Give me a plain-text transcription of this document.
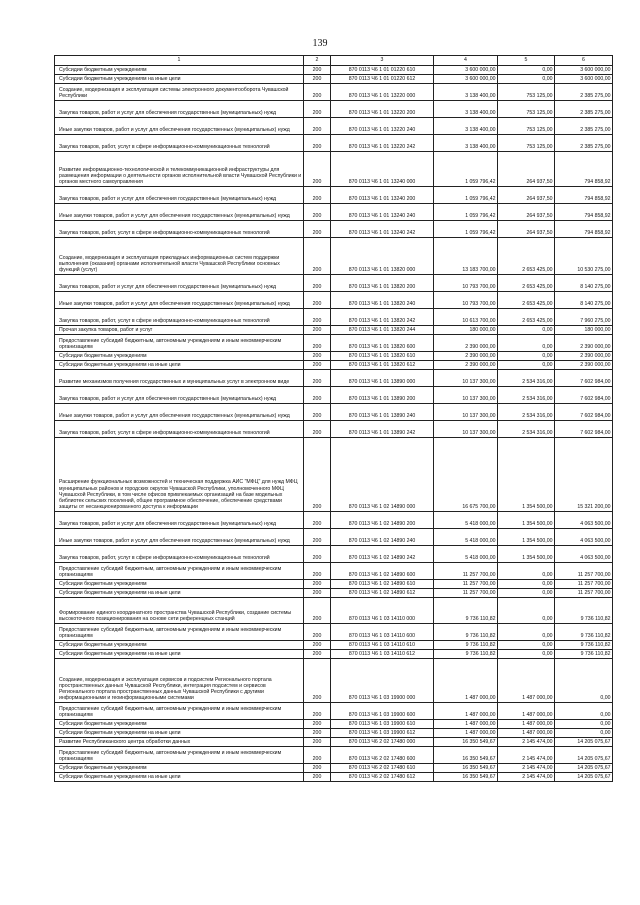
139
1	2	3	4	5	6
Субсидии бюджетным учреждениям	200	870 0113 Ч6 1 01 01220 610	3 600 000,00	0,00	3 600 000,00
Субсидии бюджетным учреждениям на иные цели	200	870 0113 Ч6 1 01 01220 612	3 600 000,00	0,00	3 600 000,00
Создание, модернизация и эксплуатация системы электронного документооборота Чувашской Республики	200	870 0113 Ч6 1 01 13220 000	3 138 400,00	753 125,00	2 385 275,00
Закупка товаров, работ и услуг для обеспечения государственных (муниципальных) нужд	200	870 0113 Ч6 1 01 13220 200	3 138 400,00	753 125,00	2 385 275,00
Иные закупки товаров, работ и услуг для обеспечения государственных (муниципальных) нужд	200	870 0113 Ч6 1 01 13220 240	3 138 400,00	753 125,00	2 385 275,00
Закупка товаров, работ, услуг в сфере информационно-коммуникационных технологий	200	870 0113 Ч6 1 01 13220 242	3 138 400,00	753 125,00	2 385 275,00
Развитие информационно-технологической и телекоммуникационной инфраструктуры для размещения информации о деятельности органов исполнительной власти Чувашской Республики и органов местного самоуправления	200	870 0113 Ч6 1 01 13240 000	1 059 796,42	264 937,50	794 858,92
Закупка товаров, работ и услуг для обеспечения государственных (муниципальных) нужд	200	870 0113 Ч6 1 01 13240 200	1 059 796,42	264 937,50	794 858,92
Иные закупки товаров, работ и услуг для обеспечения государственных (муниципальных) нужд	200	870 0113 Ч6 1 01 13240 240	1 059 796,42	264 937,50	794 858,92
Закупка товаров, работ, услуг в сфере информационно-коммуникационных технологий	200	870 0113 Ч6 1 01 13240 242	1 059 796,42	264 937,50	794 858,92
Создание, модернизация и эксплуатация прикладных информационных систем поддержки выполнения (оказания) органами исполнительной власти Чувашской Республики основных функций (услуг)	200	870 0113 Ч6 1 01 13820 000	13 183 700,00	2 653 425,00	10 530 275,00
Закупка товаров, работ и услуг для обеспечения государственных (муниципальных) нужд	200	870 0113 Ч6 1 01 13820 200	10 793 700,00	2 653 425,00	8 140 275,00
Иные закупки товаров, работ и услуг для обеспечения государственных (муниципальных) нужд	200	870 0113 Ч6 1 01 13820 240	10 793 700,00	2 653 425,00	8 140 275,00
Закупка товаров, работ, услуг в сфере информационно-коммуникационных технологий	200	870 0113 Ч6 1 01 13820 242	10 613 700,00	2 653 425,00	7 960 275,00
Прочая закупка товаров, работ и услуг	200	870 0113 Ч6 1 01 13820 244	180 000,00	0,00	180 000,00
Предоставление субсидий бюджетным, автономным учреждениям и иным некоммерческим организациям	200	870 0113 Ч6 1 01 13820 600	2 390 000,00	0,00	2 390 000,00
Субсидии бюджетным учреждениям	200	870 0113 Ч6 1 01 13820 610	2 390 000,00	0,00	2 390 000,00
Субсидии бюджетным учреждениям на иные цели	200	870 0113 Ч6 1 01 13820 612	2 390 000,00	0,00	2 390 000,00
Развитие механизмов получения государственных и муниципальных услуг в электронном виде	200	870 0113 Ч6 1 01 13890 000	10 137 300,00	2 534 316,00	7 602 984,00
Закупка товаров, работ и услуг для обеспечения государственных (муниципальных) нужд	200	870 0113 Ч6 1 01 13890 200	10 137 300,00	2 534 316,00	7 602 984,00
Иные закупки товаров, работ и услуг для обеспечения государственных (муниципальных) нужд	200	870 0113 Ч6 1 01 13890 240	10 137 300,00	2 534 316,00	7 602 984,00
Закупка товаров, работ, услуг в сфере информационно-коммуникационных технологий	200	870 0113 Ч6 1 01 13890 242	10 137 300,00	2 534 316,00	7 602 984,00
Расширение функциональных возможностей и техническая поддержка АИС "МФЦ" для нужд МФЦ муниципальных районов и городских округов Чувашской Республики, уполномоченного МФЦ Чувашской Республики, в том числе офисов привлекаемых организаций на базе модельных библиотек сельских поселений, общее программное обеспечение, обеспечение средствами защиты от несанкционированного доступа к информации	200	870 0113 Ч6 1 02 14890 000	16 675 700,00	1 354 500,00	15 321 200,00
Закупка товаров, работ и услуг для обеспечения государственных (муниципальных) нужд	200	870 0113 Ч6 1 02 14890 200	5 418 000,00	1 354 500,00	4 063 500,00
Иные закупки товаров, работ и услуг для обеспечения государственных (муниципальных) нужд	200	870 0113 Ч6 1 02 14890 240	5 418 000,00	1 354 500,00	4 063 500,00
Закупка товаров, работ, услуг в сфере информационно-коммуникационных технологий	200	870 0113 Ч6 1 02 14890 242	5 418 000,00	1 354 500,00	4 063 500,00
Предоставление субсидий бюджетным, автономным учреждениям и иным некоммерческим организациям	200	870 0113 Ч6 1 02 14890 600	11 257 700,00	0,00	11 257 700,00
Субсидии бюджетным учреждениям	200	870 0113 Ч6 1 02 14890 610	11 257 700,00	0,00	11 257 700,00
Субсидии бюджетным учреждениям на иные цели	200	870 0113 Ч6 1 02 14890 612	11 257 700,00	0,00	11 257 700,00
Формирование единого координатного пространства Чувашской Республики, создание системы высокоточного позиционирования на основе сети референцных станций	200	870 0113 Ч6 1 03 14110 000	9 736 110,82	0,00	9 736 110,82
Предоставление субсидий бюджетным, автономным учреждениям и иным некоммерческим организациям	200	870 0113 Ч6 1 03 14110 600	9 736 110,82	0,00	9 736 110,82
Субсидии бюджетным учреждениям	200	870 0113 Ч6 1 03 14110 610	9 736 110,82	0,00	9 736 110,82
Субсидии бюджетным учреждениям на иные цели	200	870 0113 Ч6 1 03 14110 612	9 736 110,82	0,00	9 736 110,82
Создание, модернизация и эксплуатация сервисов и подсистем Регионального портала пространственных данных Чувашской Республики, интеграция подсистем и сервисов Регионального портала пространственных данных Чувашской Республики с другими информационными и геоинформационными системами	200	870 0113 Ч6 1 03 19900 000	1 487 000,00	1 487 000,00	0,00
Предоставление субсидий бюджетным, автономным учреждениям и иным некоммерческим организациям	200	870 0113 Ч6 1 03 19900 600	1 487 000,00	1 487 000,00	0,00
Субсидии бюджетным учреждениям	200	870 0113 Ч6 1 03 19900 610	1 487 000,00	1 487 000,00	0,00
Субсидии бюджетным учреждениям на иные цели	200	870 0113 Ч6 1 03 19900 612	1 487 000,00	1 487 000,00	0,00
Развитие Республиканского центра обработки данных	200	870 0113 Ч6 2 02 17480 000	16 350 549,67	2 145 474,00	14 205 075,67
Предоставление субсидий бюджетным, автономным учреждениям и иным некоммерческим организациям	200	870 0113 Ч6 2 02 17480 600	16 350 549,67	2 145 474,00	14 205 075,67
Субсидии бюджетным учреждениям	200	870 0113 Ч6 2 02 17480 610	16 350 549,67	2 145 474,00	14 205 075,67
Субсидии бюджетным учреждениям на иные цели	200	870 0113 Ч6 2 02 17480 612	16 350 549,67	2 145 474,00	14 205 075,67
